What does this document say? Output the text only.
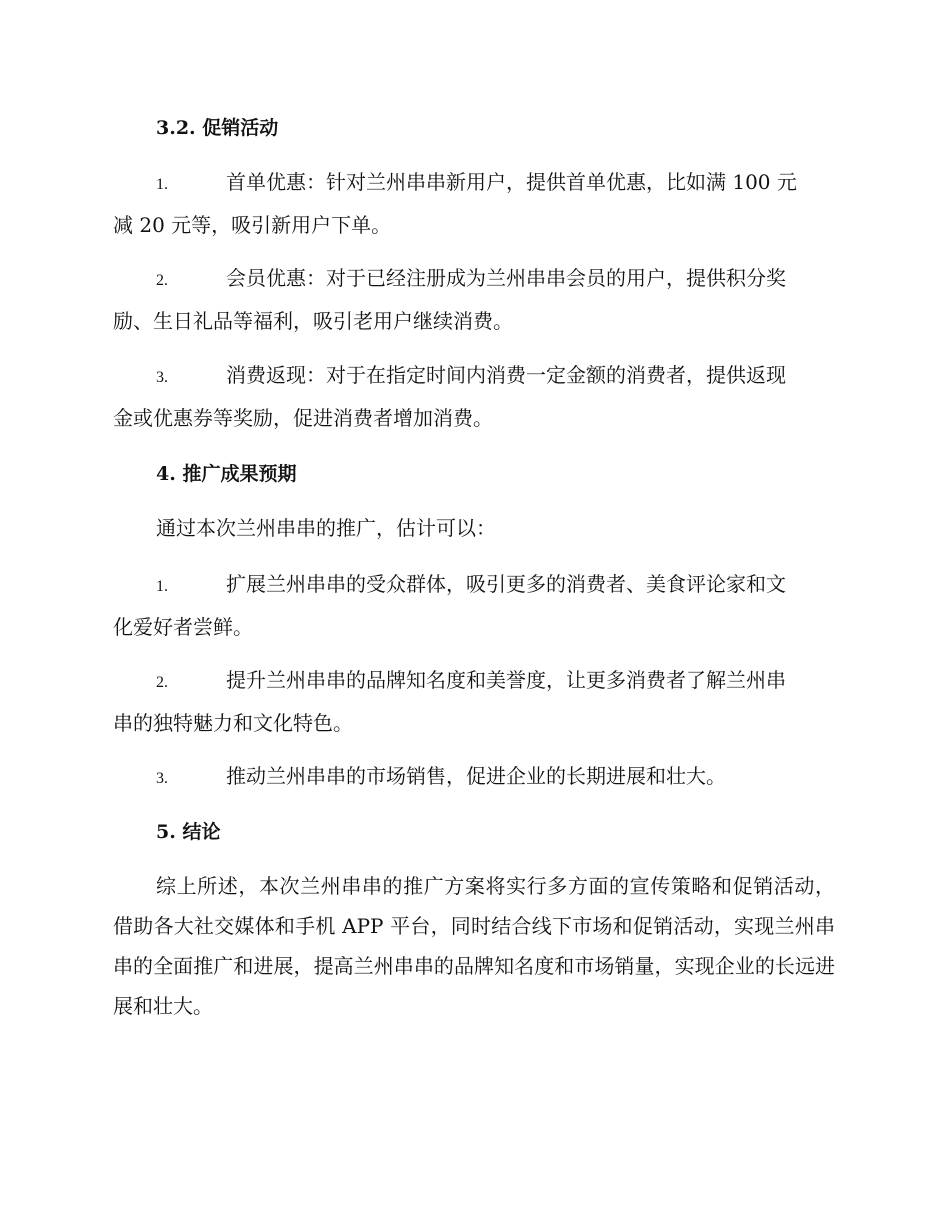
3.2. 促销活动
1.	首单优惠：针对兰州串串新用户，提供首单优惠，比如满 100 元
减 20 元等，吸引新用户下单。
2.	会员优惠：对于已经注册成为兰州串串会员的用户，提供积分奖
励、生日礼品等福利，吸引老用户继续消费。
3.	消费返现：对于在指定时间内消费一定金额的消费者，提供返现
金或优惠券等奖励，促进消费者增加消费。
4. 推广成果预期
通过本次兰州串串的推广，估计可以：
1.	扩展兰州串串的受众群体，吸引更多的消费者、美食评论家和文
化爱好者尝鲜。
2.	提升兰州串串的品牌知名度和美誉度，让更多消费者了解兰州串
串的独特魅力和文化特色。
3.	推动兰州串串的市场销售，促进企业的长期进展和壮大。
5. 结论
综上所述，本次兰州串串的推广方案将实行多方面的宣传策略和促销活动，借助各大社交媒体和手机 APP 平台，同时结合线下市场和促销活动，实现兰州串串的全面推广和进展，提高兰州串串的品牌知名度和市场销量，实现企业的长远进展和壮大。
